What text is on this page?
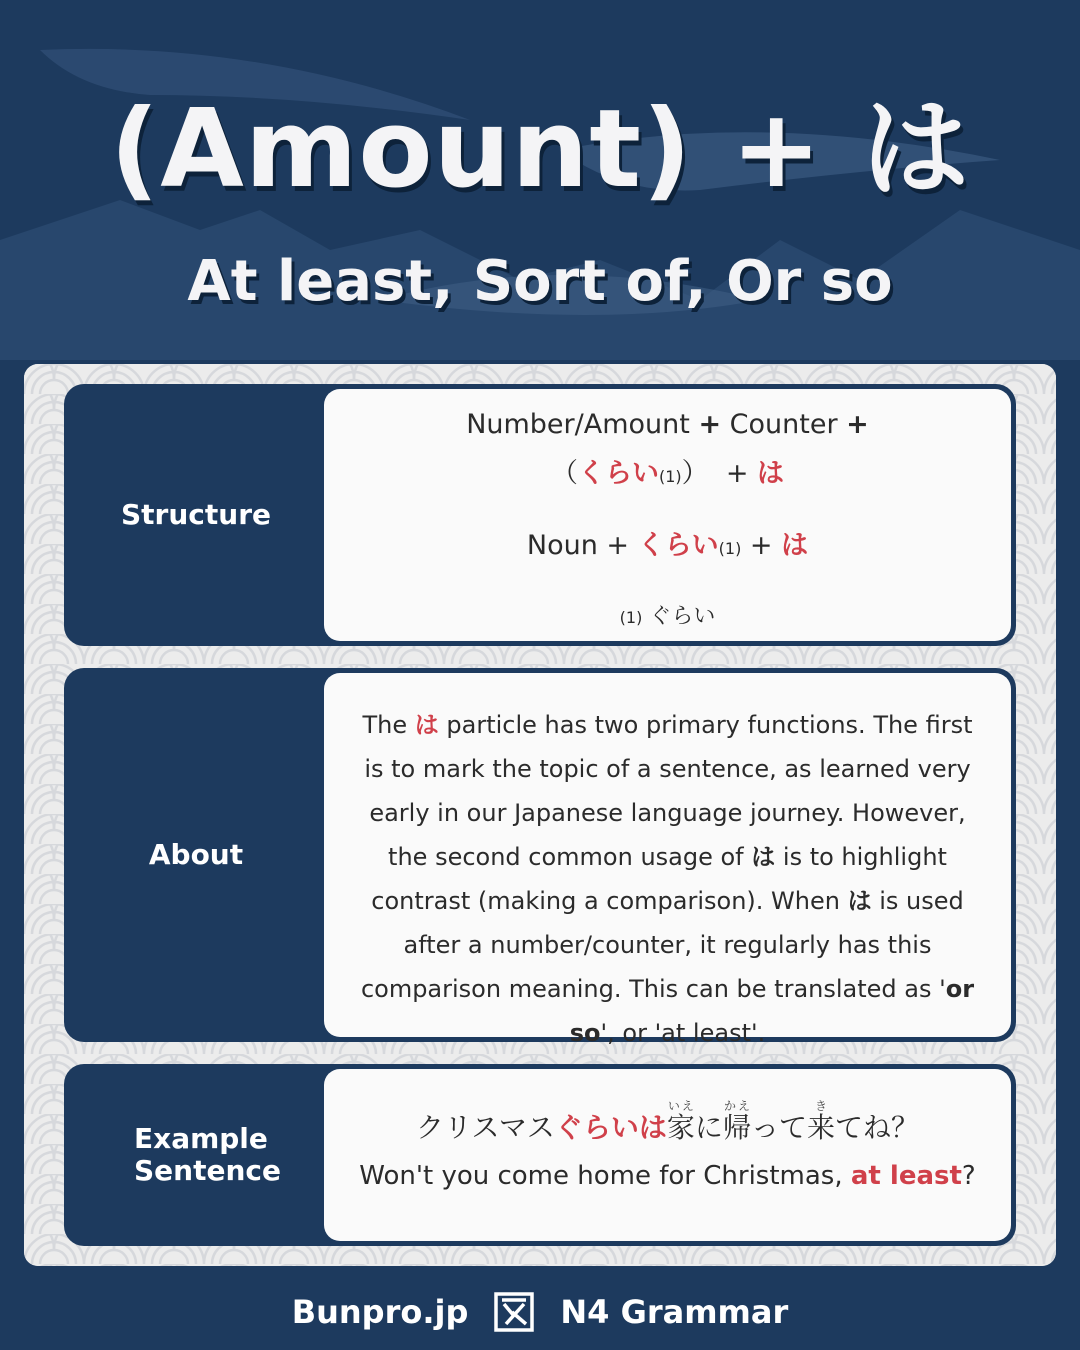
(Amount) + は
At least, Sort of, Or so
Structure
Number/Amount + Counter +
（くらい(1)） + は
Noun + くらい(1) + は
(1) ぐらい
About
The は particle has two primary functions. The first is to mark the topic of a sentence, as learned very early in our Japanese language journey. However, the second common usage of は is to highlight contrast (making a comparison). When は is used after a number/counter, it regularly has this comparison meaning. This can be translated as 'or so', or 'at least'.
Example
Sentence
クリスマスぐらいは家いえに帰かえって来きてね？
Won't you come home for Christmas, at least?
Bunpro.jp	N4 Grammar
